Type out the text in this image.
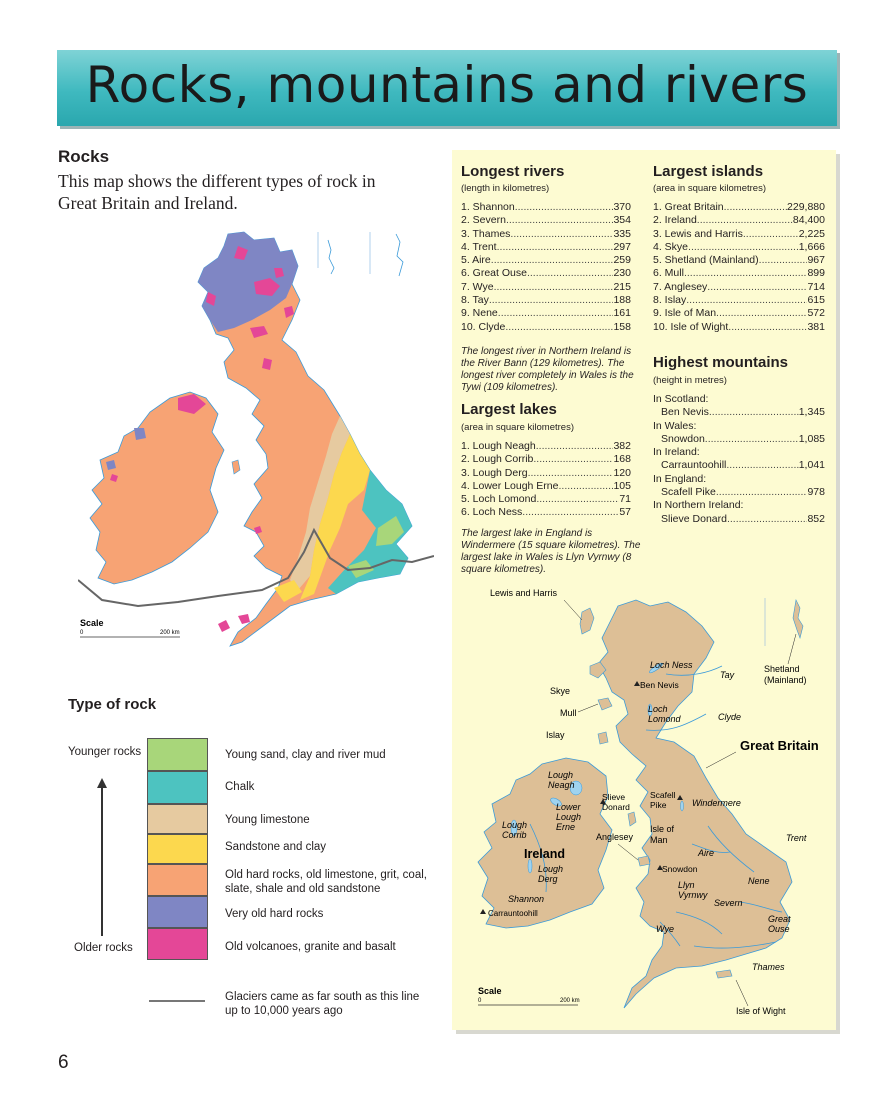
Rocks, mountains and rivers
Rocks
This map shows the different types of rock in Great Britain and Ireland.
Scale
0	200 km
Type of rock
Younger rocks
Older rocks
Young sand, clay and river mud
Chalk
Young limestone
Sandstone and clay
Old hard rocks, old limestone, grit, coal, slate, shale and old sandstone
Very old hard rocks
Old volcanoes, granite and basalt
Glaciers came as far south as this line up to 10,000 years ago
6
Longest rivers
(length in kilometres)
1. Shannon .....	370
2. Severn .....	354
3. Thames .....	335
4. Trent .....	297
5. Aire .....	259
6. Great Ouse .....	230
7. Wye .....	215
8. Tay .....	188
9. Nene .....	161
10. Clyde .....	158
The longest river in Northern Ireland is the River Bann (129 kilometres). The longest river completely in Wales is the Tywi (109 kilometres).
Largest lakes
(area in square kilometres)
1. Lough Neagh .....	382
2. Lough Corrib .....	168
3. Lough Derg .....	120
4. Lower Lough Erne .....	105
5. Loch Lomond .....	71
6. Loch Ness .....	57
The largest lake in England is Windermere (15 square kilometres). The largest lake in Wales is Llyn Vyrnwy (8 square kilometres).
Largest islands
(area in square kilometres)
1. Great Britain .....	229,880
2. Ireland .....	84,400
3. Lewis and Harris .....	2,225
4. Skye .....	1,666
5. Shetland (Mainland) .....	967
6. Mull .....	899
7. Anglesey .....	714
8. Islay .....	615
9. Isle of Man .....	572
10. Isle of Wight .....	381
Highest mountains
(height in metres)
In Scotland:
Ben Nevis .....	1,345
In Wales:
Snowdon .....	1,085
In Ireland:
Carrauntoohill .....	1,041
In England:
Scafell Pike .....	978
In Northern Ireland:
Slieve Donard .....	852
Lewis and Harris
Shetland
(Mainland)
Loch Ness
Ben Nevis
Tay
Skye
Mull	Loch
Lomond	Clyde
Islay
Great Britain
Lough
Neagh
Slieve
Donard
Scafell
Pike	Windermere
Lower
Lough
Erne	Isle of
Man
Lough
Corrib	Anglesey	Trent
Ireland	Aire
Lough
Derg
Snowdon
Nene
Llyn
Vyrnwy
Shannon	Severn
Carrauntoohill
Great
Ouse
Wye
Thames
Scale
0	200 km
Isle of Wight
